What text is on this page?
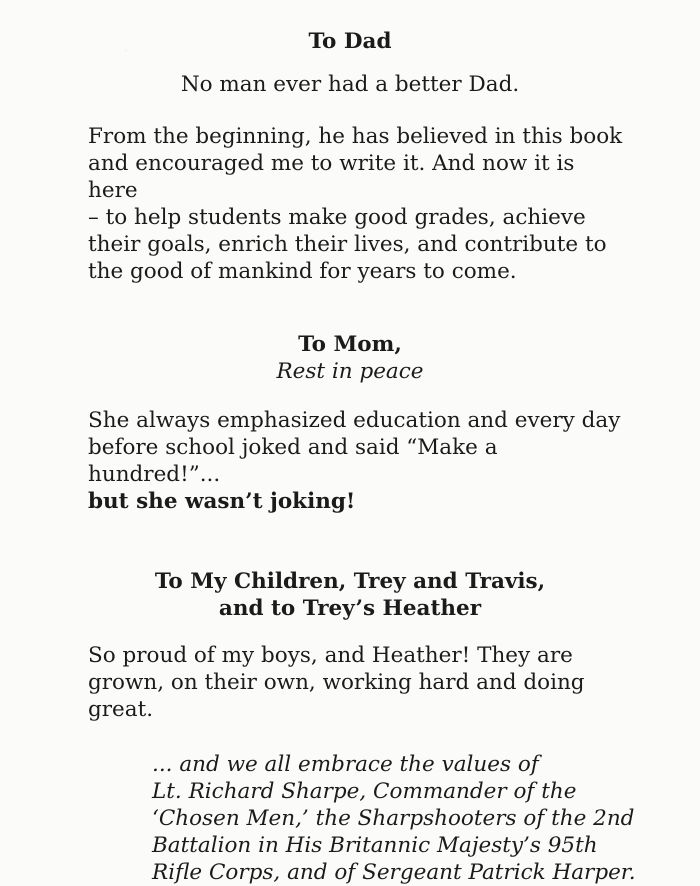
To Dad
No man ever had a better Dad.
From the beginning, he has believed in this book
and encouraged me to write it. And now it is here
– to help students make good grades, achieve
their goals, enrich their lives, and contribute to
the good of mankind for years to come.
To Mom,
Rest in peace
She always emphasized education and every day
before school joked and said “Make a hundred!”...
but she wasn’t joking!
To My Children, Trey and Travis,
and to Trey’s Heather
So proud of my boys, and Heather! They are
grown, on their own, working hard and doing
great.
... and we all embrace the values of
Lt. Richard Sharpe, Commander of the
‘Chosen Men,’ the Sharpshooters of the 2nd
Battalion in His Britannic Majesty’s 95th
Rifle Corps, and of Sergeant Patrick Harper.
